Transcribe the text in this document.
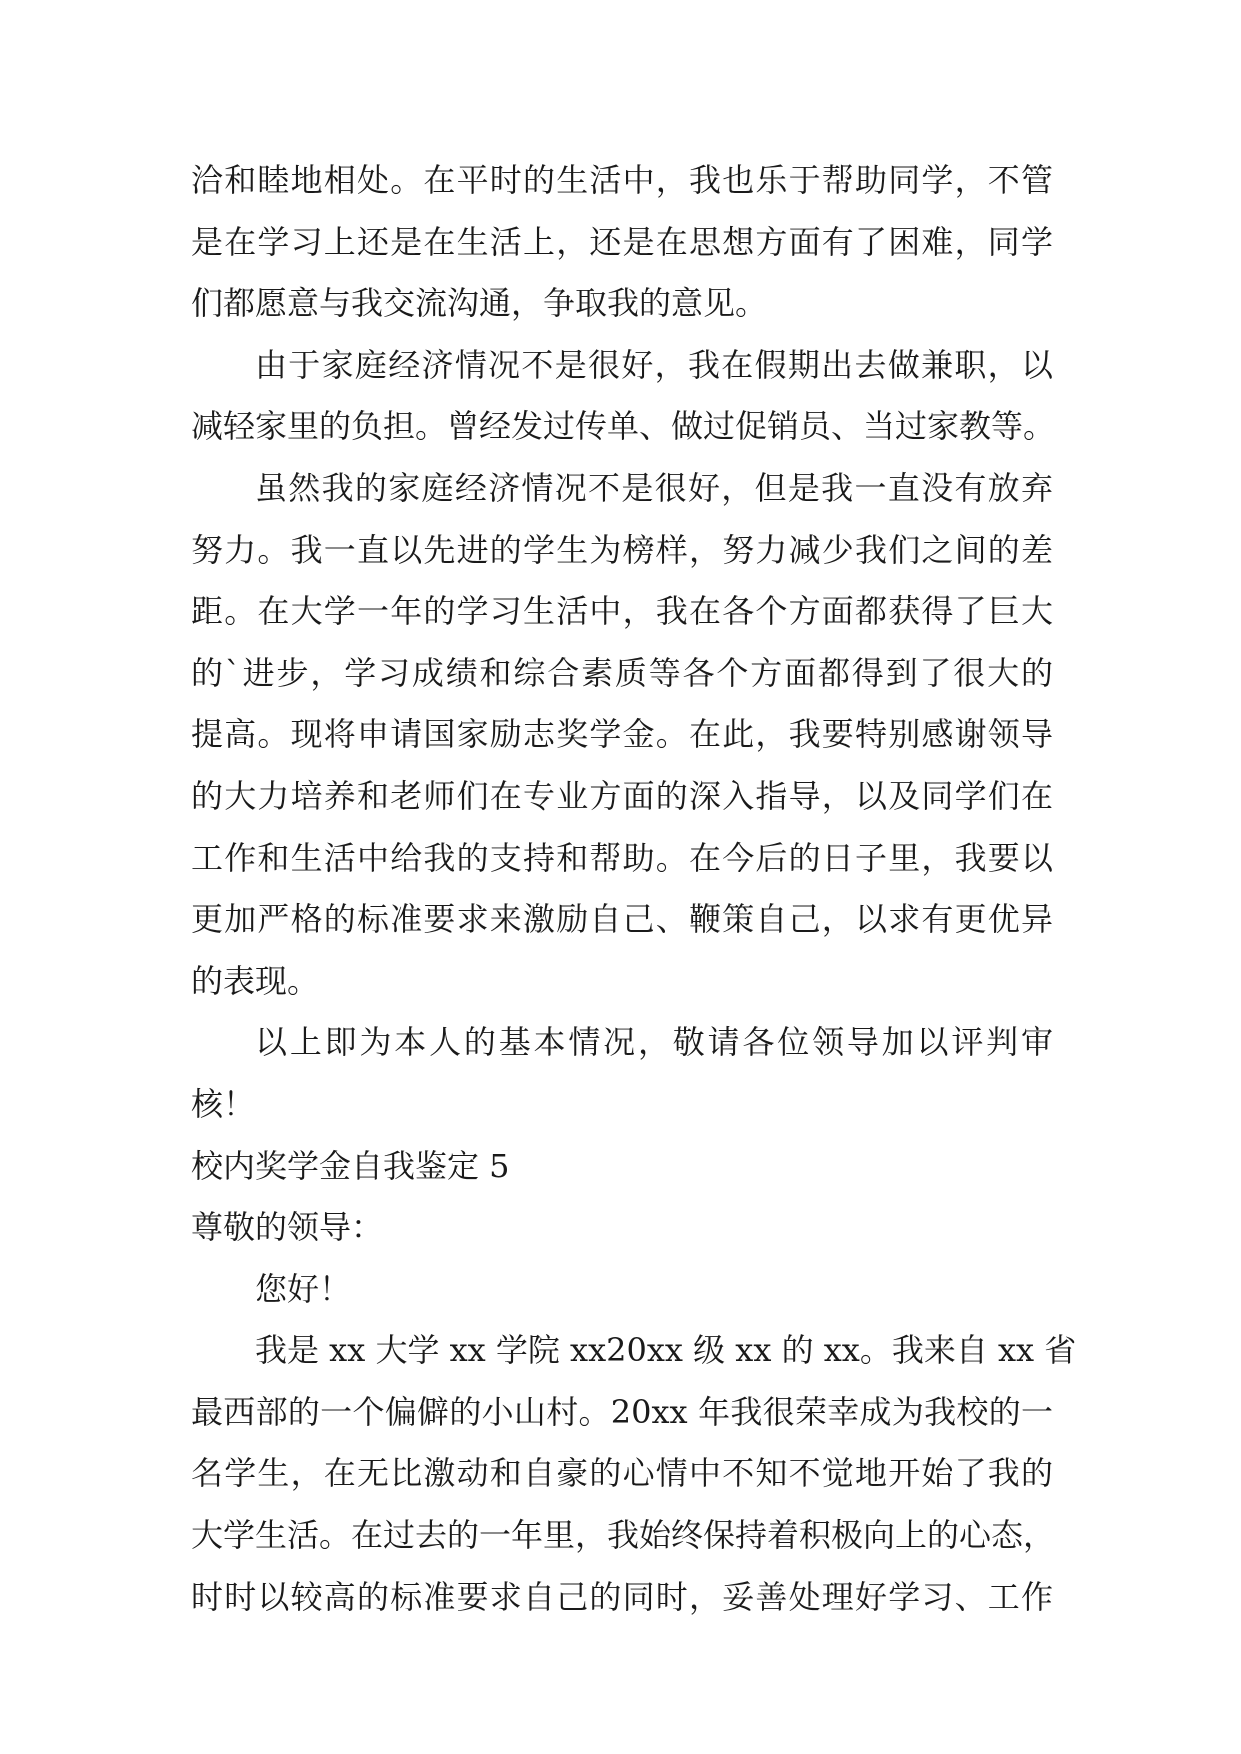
洽和睦地相处。在平时的生活中，我也乐于帮助同学，不管
是在学习上还是在生活上，还是在思想方面有了困难，同学
们都愿意与我交流沟通，争取我的意见。
由于家庭经济情况不是很好，我在假期出去做兼职，以
减轻家里的负担。曾经发过传单、做过促销员、当过家教等。
虽然我的家庭经济情况不是很好，但是我一直没有放弃
努力。我一直以先进的学生为榜样，努力减少我们之间的差
距。在大学一年的学习生活中，我在各个方面都获得了巨大
的`进步，学习成绩和综合素质等各个方面都得到了很大的
提高。现将申请国家励志奖学金。在此，我要特别感谢领导
的大力培养和老师们在专业方面的深入指导，以及同学们在
工作和生活中给我的支持和帮助。在今后的日子里，我要以
更加严格的标准要求来激励自己、鞭策自己，以求有更优异
的表现。
以上即为本人的基本情况，敬请各位领导加以评判审
核！
校内奖学金自我鉴定 5
尊敬的领导：
您好！
我是 xx 大学 xx 学院 xx20xx 级 xx 的 xx。我来自 xx 省
最西部的一个偏僻的小山村。20xx 年我很荣幸成为我校的一
名学生，在无比激动和自豪的心情中不知不觉地开始了我的
大学生活。在过去的一年里，我始终保持着积极向上的心态，
时时以较高的标准要求自己的同时，妥善处理好学习、工作
